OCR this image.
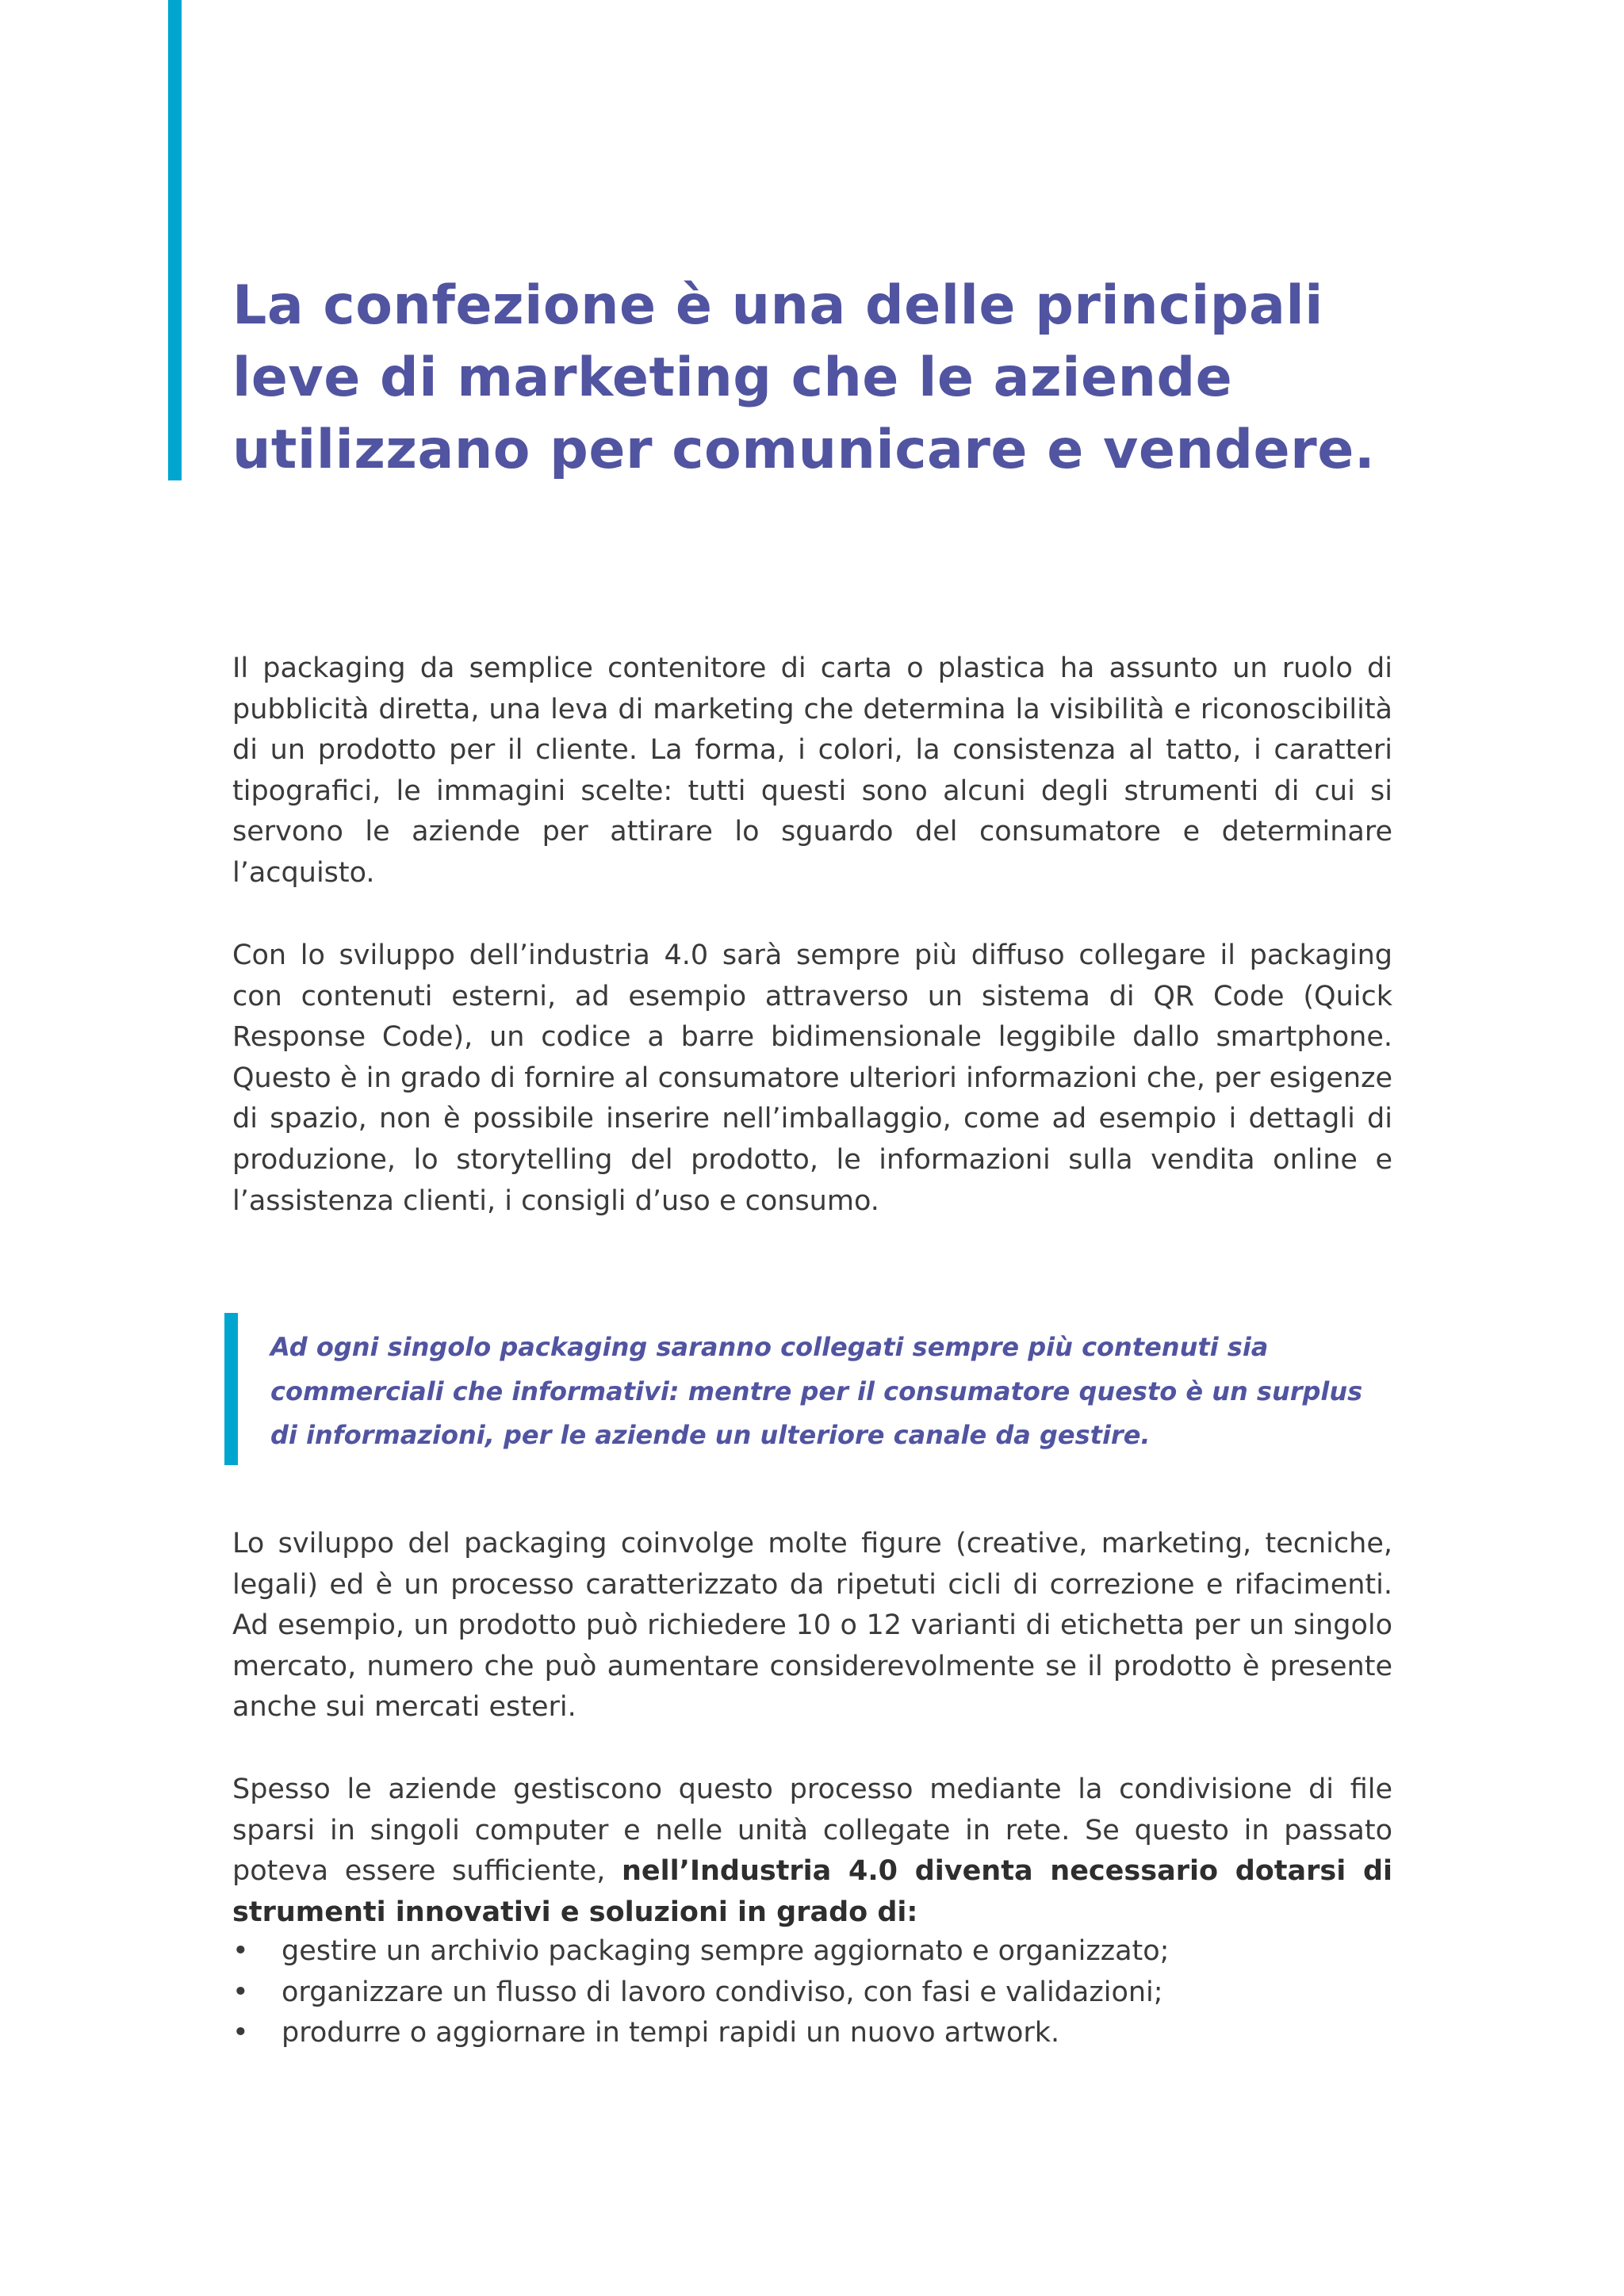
La confezione è una delle principali leve di marketing che le aziende utilizzano per comunicare e vendere.

Il packaging da semplice contenitore di carta o plastica ha assunto un ruolo di pubblicità diretta, una leva di marketing che determina la visibilità e riconoscibilità di un prodotto per il cliente. La forma, i colori, la consistenza al tatto, i caratteri tipografici, le immagini scelte: tutti questi sono alcuni degli strumenti di cui si servono le aziende per attirare lo sguardo del consumatore e determinare l’acquisto.

Con lo sviluppo dell’industria 4.0 sarà sempre più diffuso collegare il packaging con contenuti esterni, ad esempio attraverso un sistema di QR Code (Quick Response Code), un codice a barre bidimensionale leggibile dallo smartphone. Questo è in grado di fornire al consumatore ulteriori informazioni che, per esigenze di spazio, non è possibile inserire nell’imballaggio, come ad esempio i dettagli di produzione, lo storytelling del prodotto, le informazioni sulla vendita online e l’assistenza clienti, i consigli d’uso e consumo.

Ad ogni singolo packaging saranno collegati sempre più contenuti sia commerciali che informativi: mentre per il consumatore questo è un surplus di informazioni, per le aziende un ulteriore canale da gestire.

Lo sviluppo del packaging coinvolge molte figure (creative, marketing, tecniche, legali) ed è un processo caratterizzato da ripetuti cicli di correzione e rifacimenti. Ad esempio, un prodotto può richiedere 10 o 12 varianti di etichetta per un singolo mercato, numero che può aumentare considerevolmente se il prodotto è presente anche sui mercati esteri.

Spesso le aziende gestiscono questo processo mediante la condivisione di file sparsi in singoli computer e nelle unità collegate in rete. Se questo in passato poteva essere sufficiente, nell’Industria 4.0 diventa necessario dotarsi di strumenti innovativi e soluzioni in grado di:

• gestire un archivio packaging sempre aggiornato e organizzato;
• organizzare un flusso di lavoro condiviso, con fasi e validazioni;
• produrre o aggiornare in tempi rapidi un nuovo artwork.
